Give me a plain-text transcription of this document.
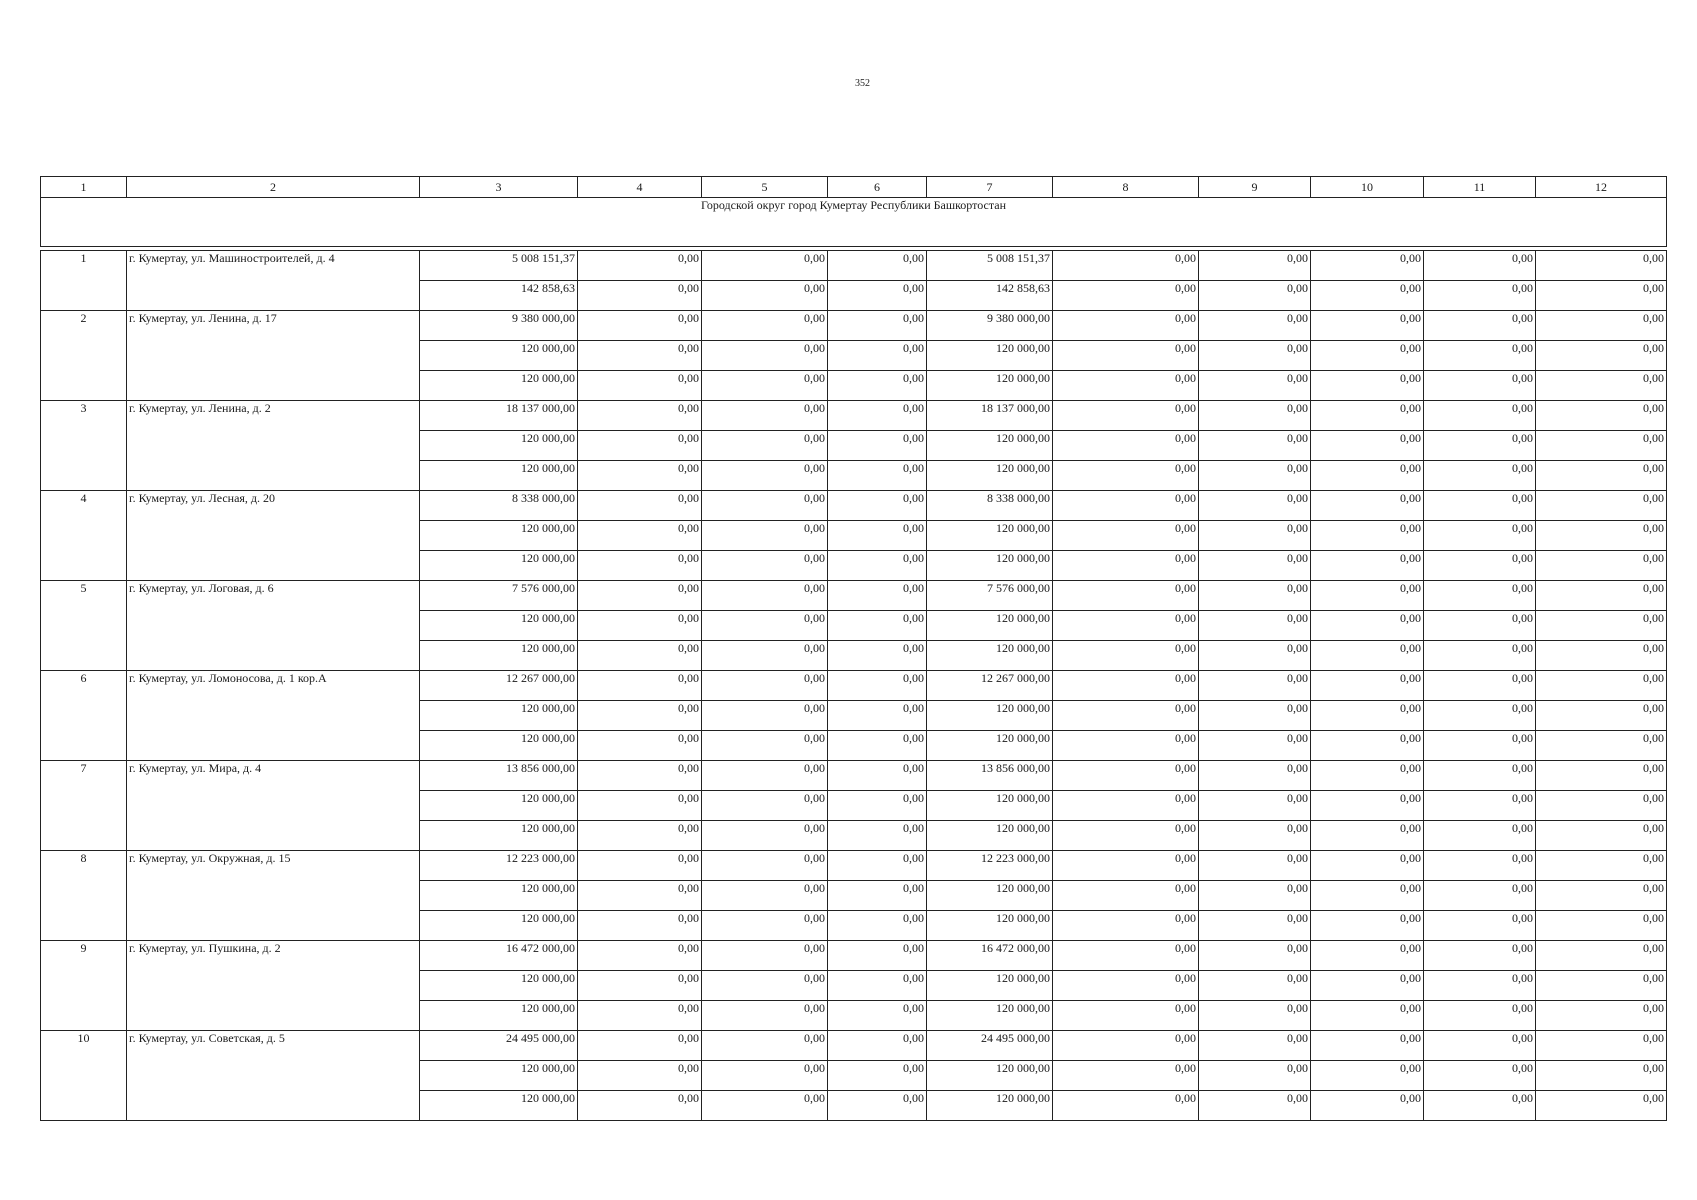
352
1	2	3	4	5	6	7	8	9	10	11	12
Городской округ город Кумертау Республики Башкортостан											

1	г. Кумертау, ул. Машиностроителей, д. 4	5 008 151,37	0,00	0,00	0,00	5 008 151,37	0,00	0,00	0,00	0,00	0,00
		142 858,63	0,00	0,00	0,00	142 858,63	0,00	0,00	0,00	0,00	0,00
2	г. Кумертау, ул. Ленина, д. 17	9 380 000,00	0,00	0,00	0,00	9 380 000,00	0,00	0,00	0,00	0,00	0,00
		120 000,00	0,00	0,00	0,00	120 000,00	0,00	0,00	0,00	0,00	0,00
		120 000,00	0,00	0,00	0,00	120 000,00	0,00	0,00	0,00	0,00	0,00
3	г. Кумертау, ул. Ленина, д. 2	18 137 000,00	0,00	0,00	0,00	18 137 000,00	0,00	0,00	0,00	0,00	0,00
		120 000,00	0,00	0,00	0,00	120 000,00	0,00	0,00	0,00	0,00	0,00
		120 000,00	0,00	0,00	0,00	120 000,00	0,00	0,00	0,00	0,00	0,00
4	г. Кумертау, ул. Лесная, д. 20	8 338 000,00	0,00	0,00	0,00	8 338 000,00	0,00	0,00	0,00	0,00	0,00
		120 000,00	0,00	0,00	0,00	120 000,00	0,00	0,00	0,00	0,00	0,00
		120 000,00	0,00	0,00	0,00	120 000,00	0,00	0,00	0,00	0,00	0,00
5	г. Кумертау, ул. Логовая, д. 6	7 576 000,00	0,00	0,00	0,00	7 576 000,00	0,00	0,00	0,00	0,00	0,00
		120 000,00	0,00	0,00	0,00	120 000,00	0,00	0,00	0,00	0,00	0,00
		120 000,00	0,00	0,00	0,00	120 000,00	0,00	0,00	0,00	0,00	0,00
6	г. Кумертау, ул. Ломоносова, д. 1 кор.А	12 267 000,00	0,00	0,00	0,00	12 267 000,00	0,00	0,00	0,00	0,00	0,00
		120 000,00	0,00	0,00	0,00	120 000,00	0,00	0,00	0,00	0,00	0,00
		120 000,00	0,00	0,00	0,00	120 000,00	0,00	0,00	0,00	0,00	0,00
7	г. Кумертау, ул. Мира, д. 4	13 856 000,00	0,00	0,00	0,00	13 856 000,00	0,00	0,00	0,00	0,00	0,00
		120 000,00	0,00	0,00	0,00	120 000,00	0,00	0,00	0,00	0,00	0,00
		120 000,00	0,00	0,00	0,00	120 000,00	0,00	0,00	0,00	0,00	0,00
8	г. Кумертау, ул. Окружная, д. 15	12 223 000,00	0,00	0,00	0,00	12 223 000,00	0,00	0,00	0,00	0,00	0,00
		120 000,00	0,00	0,00	0,00	120 000,00	0,00	0,00	0,00	0,00	0,00
		120 000,00	0,00	0,00	0,00	120 000,00	0,00	0,00	0,00	0,00	0,00
9	г. Кумертау, ул. Пушкина, д. 2	16 472 000,00	0,00	0,00	0,00	16 472 000,00	0,00	0,00	0,00	0,00	0,00
		120 000,00	0,00	0,00	0,00	120 000,00	0,00	0,00	0,00	0,00	0,00
		120 000,00	0,00	0,00	0,00	120 000,00	0,00	0,00	0,00	0,00	0,00
10	г. Кумертау, ул. Советская, д. 5	24 495 000,00	0,00	0,00	0,00	24 495 000,00	0,00	0,00	0,00	0,00	0,00
		120 000,00	0,00	0,00	0,00	120 000,00	0,00	0,00	0,00	0,00	0,00
		120 000,00	0,00	0,00	0,00	120 000,00	0,00	0,00	0,00	0,00	0,00
